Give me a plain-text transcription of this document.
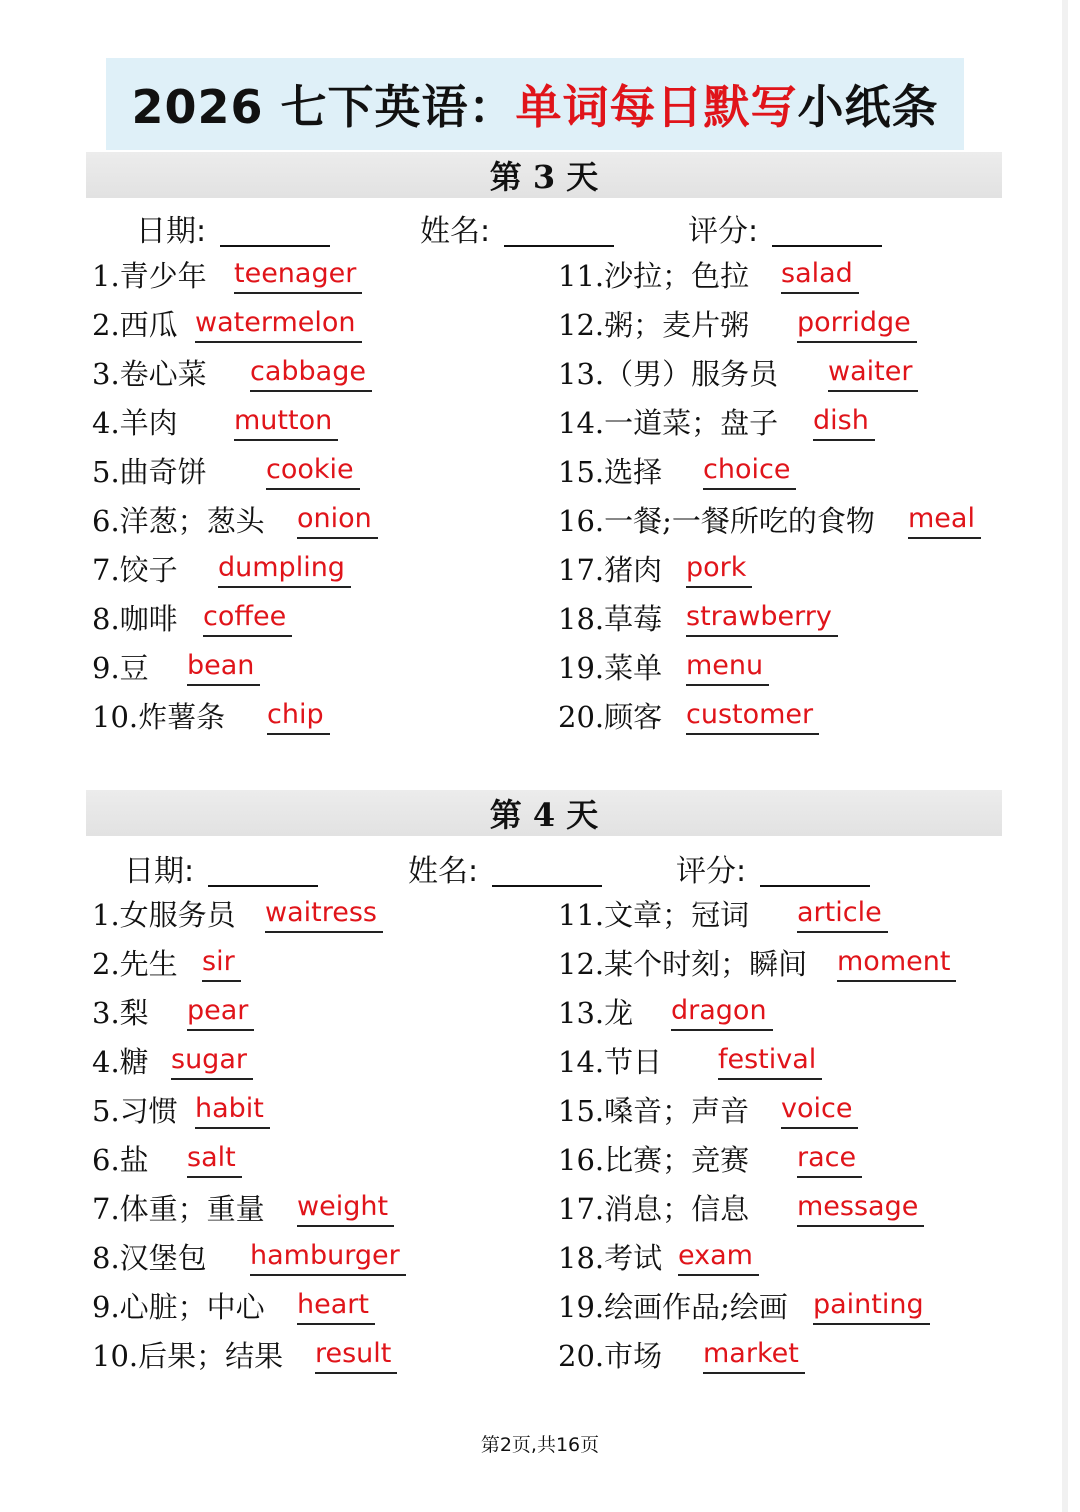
2026 七下英语： 单词每日默写 小纸条
第 3 天
日期:	姓名:	评分:
1.青少年 teenager
2.西瓜 watermelon
3.卷心菜 cabbage
4.羊肉 mutton
5.曲奇饼 cookie
6.洋葱；葱头 onion
7.饺子 dumpling
8.咖啡 coffee
9.豆 bean
10.炸薯条 chip
11.沙拉；色拉 salad
12.粥；麦片粥 porridge
13.（男）服务员 waiter
14.一道菜；盘子 dish
15.选择 choice
16.一餐;一餐所吃的食物 meal
17.猪肉 pork
18.草莓 strawberry
19.菜单 menu
20.顾客 customer
第 4 天
日期:	姓名:	评分:
1.女服务员 waitress
2.先生 sir
3.梨 pear
4.糖 sugar
5.习惯 habit
6.盐 salt
7.体重；重量 weight
8.汉堡包 hamburger
9.心脏；中心 heart
10.后果；结果 result
11.文章；冠词 article
12.某个时刻；瞬间 moment
13.龙 dragon
14.节日 festival
15.嗓音；声音 voice
16.比赛；竞赛 race
17.消息；信息 message
18.考试 exam
19.绘画作品;绘画 painting
20.市场 market
第2页,共16页
